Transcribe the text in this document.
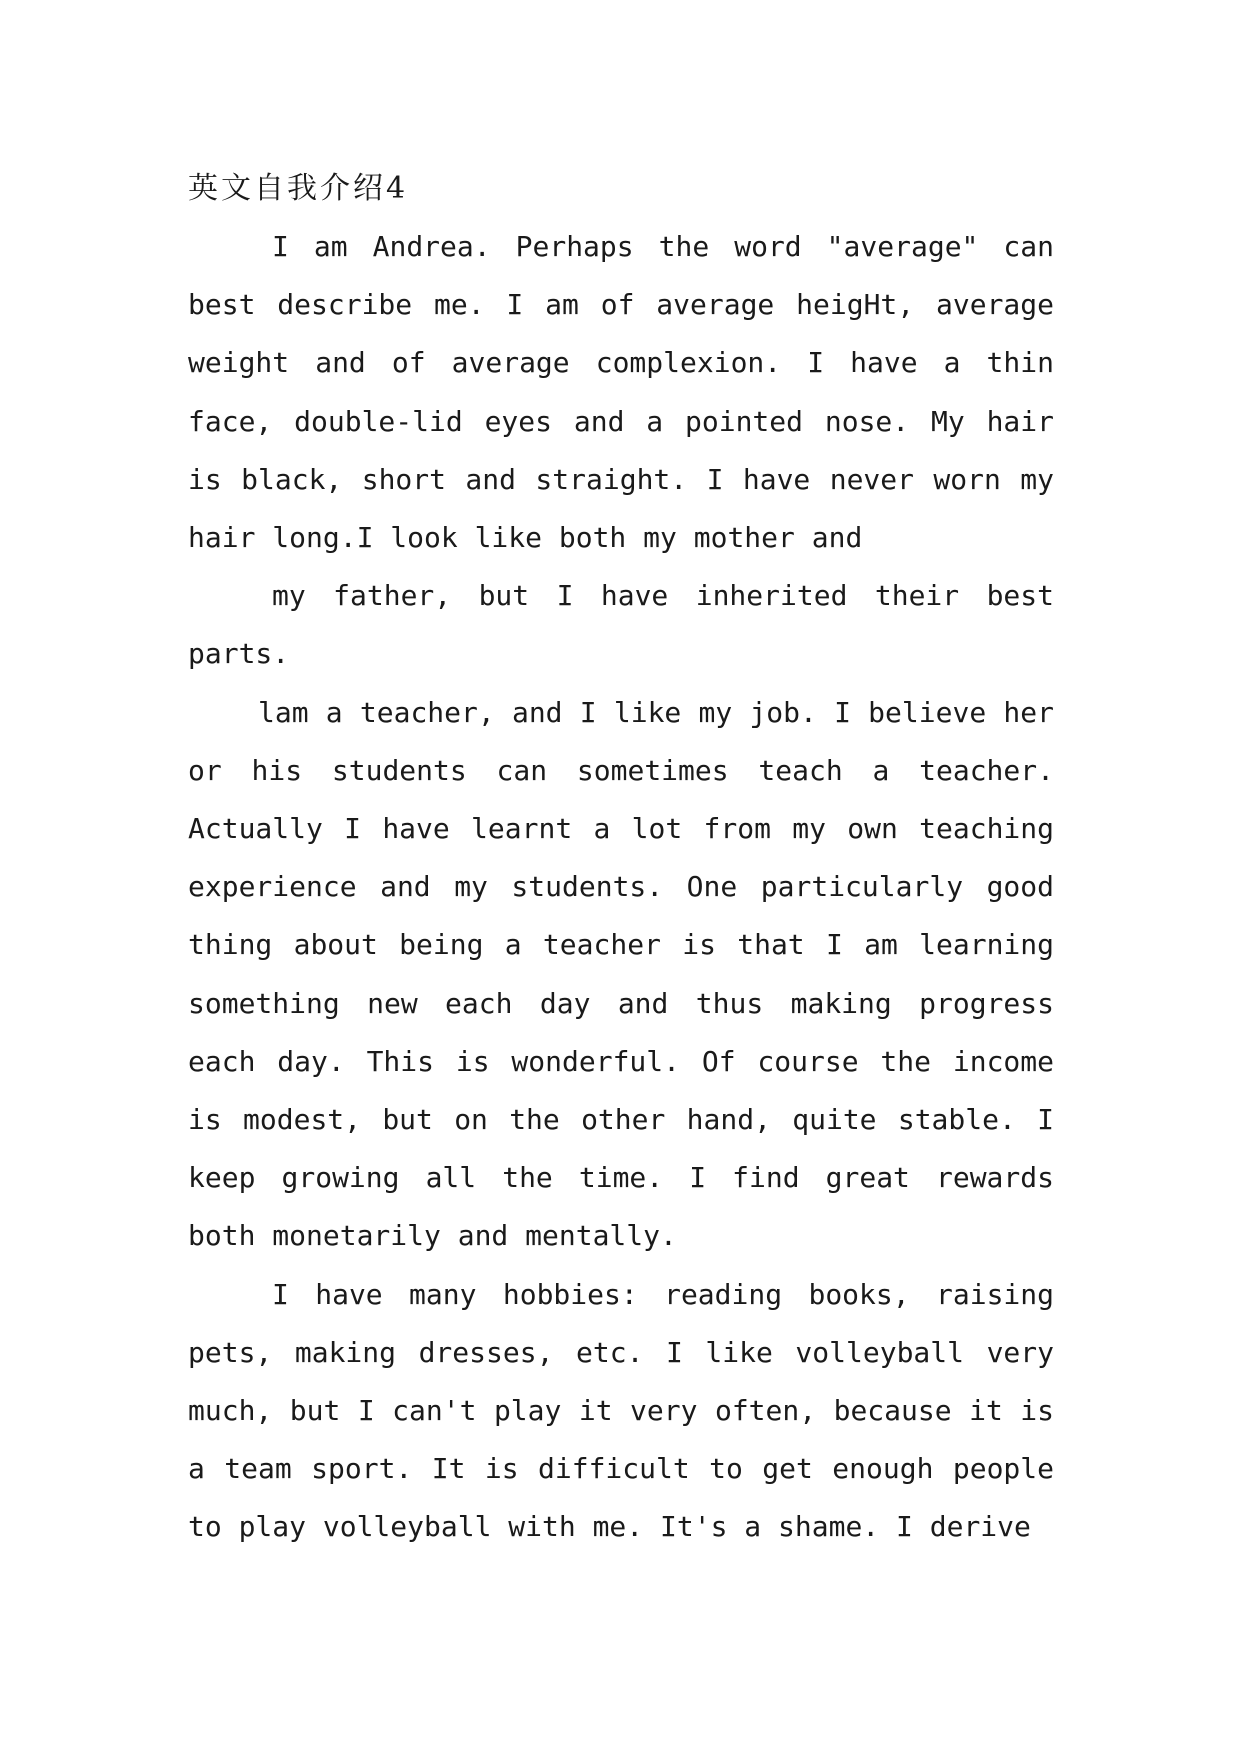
英文自我介绍4

I am Andrea. Perhaps the word "average" can best describe me. I am of average heigHt, average weight and of average complexion. I have a thin face, double-lid eyes and a pointed nose. My hair is black, short and straight. I have never worn my hair long.I look like both my mother and

my father, but I have inherited their best parts.

lam a teacher, and I like my job. I believe her or his students can sometimes teach a teacher. Actually I have learnt a lot from my own teaching experience and my students. One particularly good thing about being a teacher is that I am learning something new each day and thus making progress each day. This is wonderful. Of course the income is modest, but on the other hand, quite stable. I keep growing all the time. I find great rewards both monetarily and mentally.

I have many hobbies: reading books, raising pets, making dresses, etc. I like volleyball very much, but I can't play it very often, because it is a team sport. It is difficult to get enough people to play volleyball with me. It's a shame. I derive
